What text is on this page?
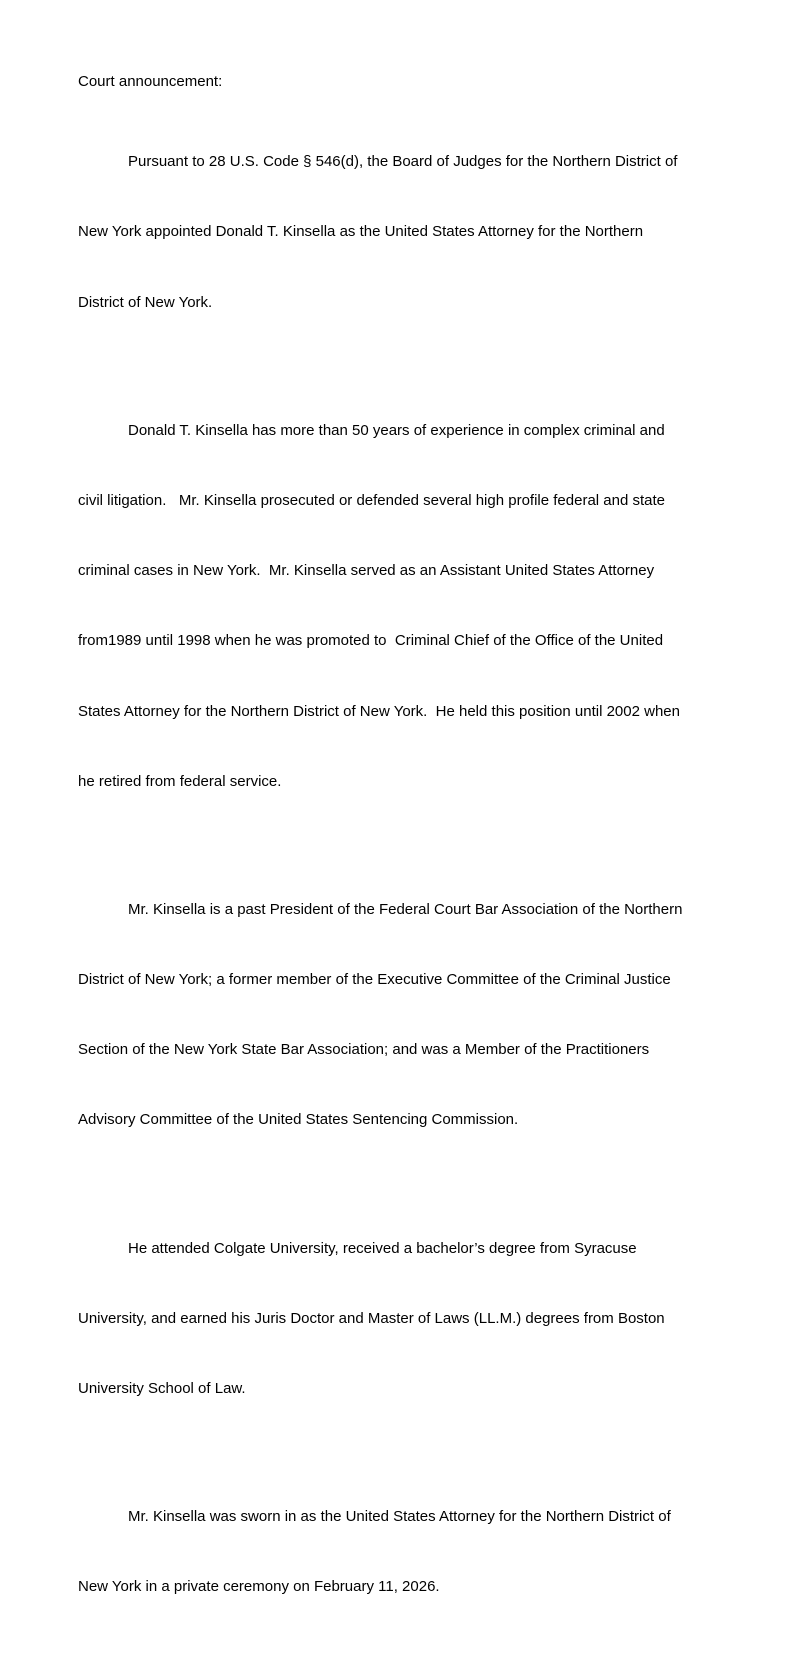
Court announcement:

Pursuant to 28 U.S. Code § 546(d), the Board of Judges for the Northern District of

New York appointed Donald T. Kinsella as the United States Attorney for the Northern

District of New York.

Donald T. Kinsella has more than 50 years of experience in complex criminal and

civil litigation.   Mr. Kinsella prosecuted or defended several high profile federal and state

criminal cases in New York.  Mr. Kinsella served as an Assistant United States Attorney

from1989 until 1998 when he was promoted to  Criminal Chief of the Office of the United

States Attorney for the Northern District of New York.  He held this position until 2002 when

he retired from federal service.

Mr. Kinsella is a past President of the Federal Court Bar Association of the Northern

District of New York; a former member of the Executive Committee of the Criminal Justice

Section of the New York State Bar Association; and was a Member of the Practitioners

Advisory Committee of the United States Sentencing Commission.

He attended Colgate University, received a bachelor’s degree from Syracuse

University, and earned his Juris Doctor and Master of Laws (LL.M.) degrees from Boston

University School of Law.

Mr. Kinsella was sworn in as the United States Attorney for the Northern District of

New York in a private ceremony on February 11, 2026.
